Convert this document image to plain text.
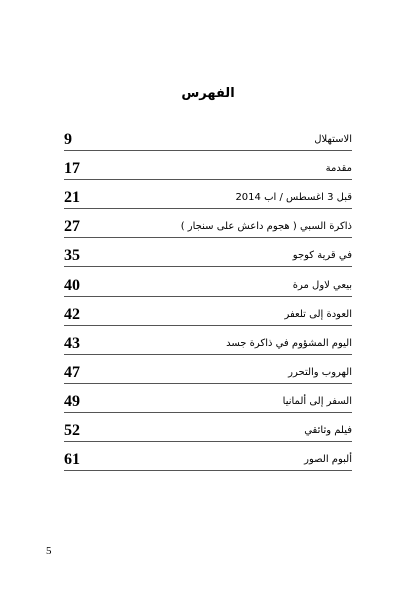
الفهرس
9	الاستهلال
17	مقدمة
21	قبل 3 اغسطس / اب 2014
27	ذاكرة السبي ( هجوم داعش على سنجار )
35	في قرية كوجو
40	بيعي لاول مرة
42	العودة إلى تلعفر
43	اليوم المشؤوم في ذاكرة جسد
47	الهروب والتحرر
49	السفر إلى ألمانيا
52	فيلم وثائقي
61	ألبوم الصور
5
